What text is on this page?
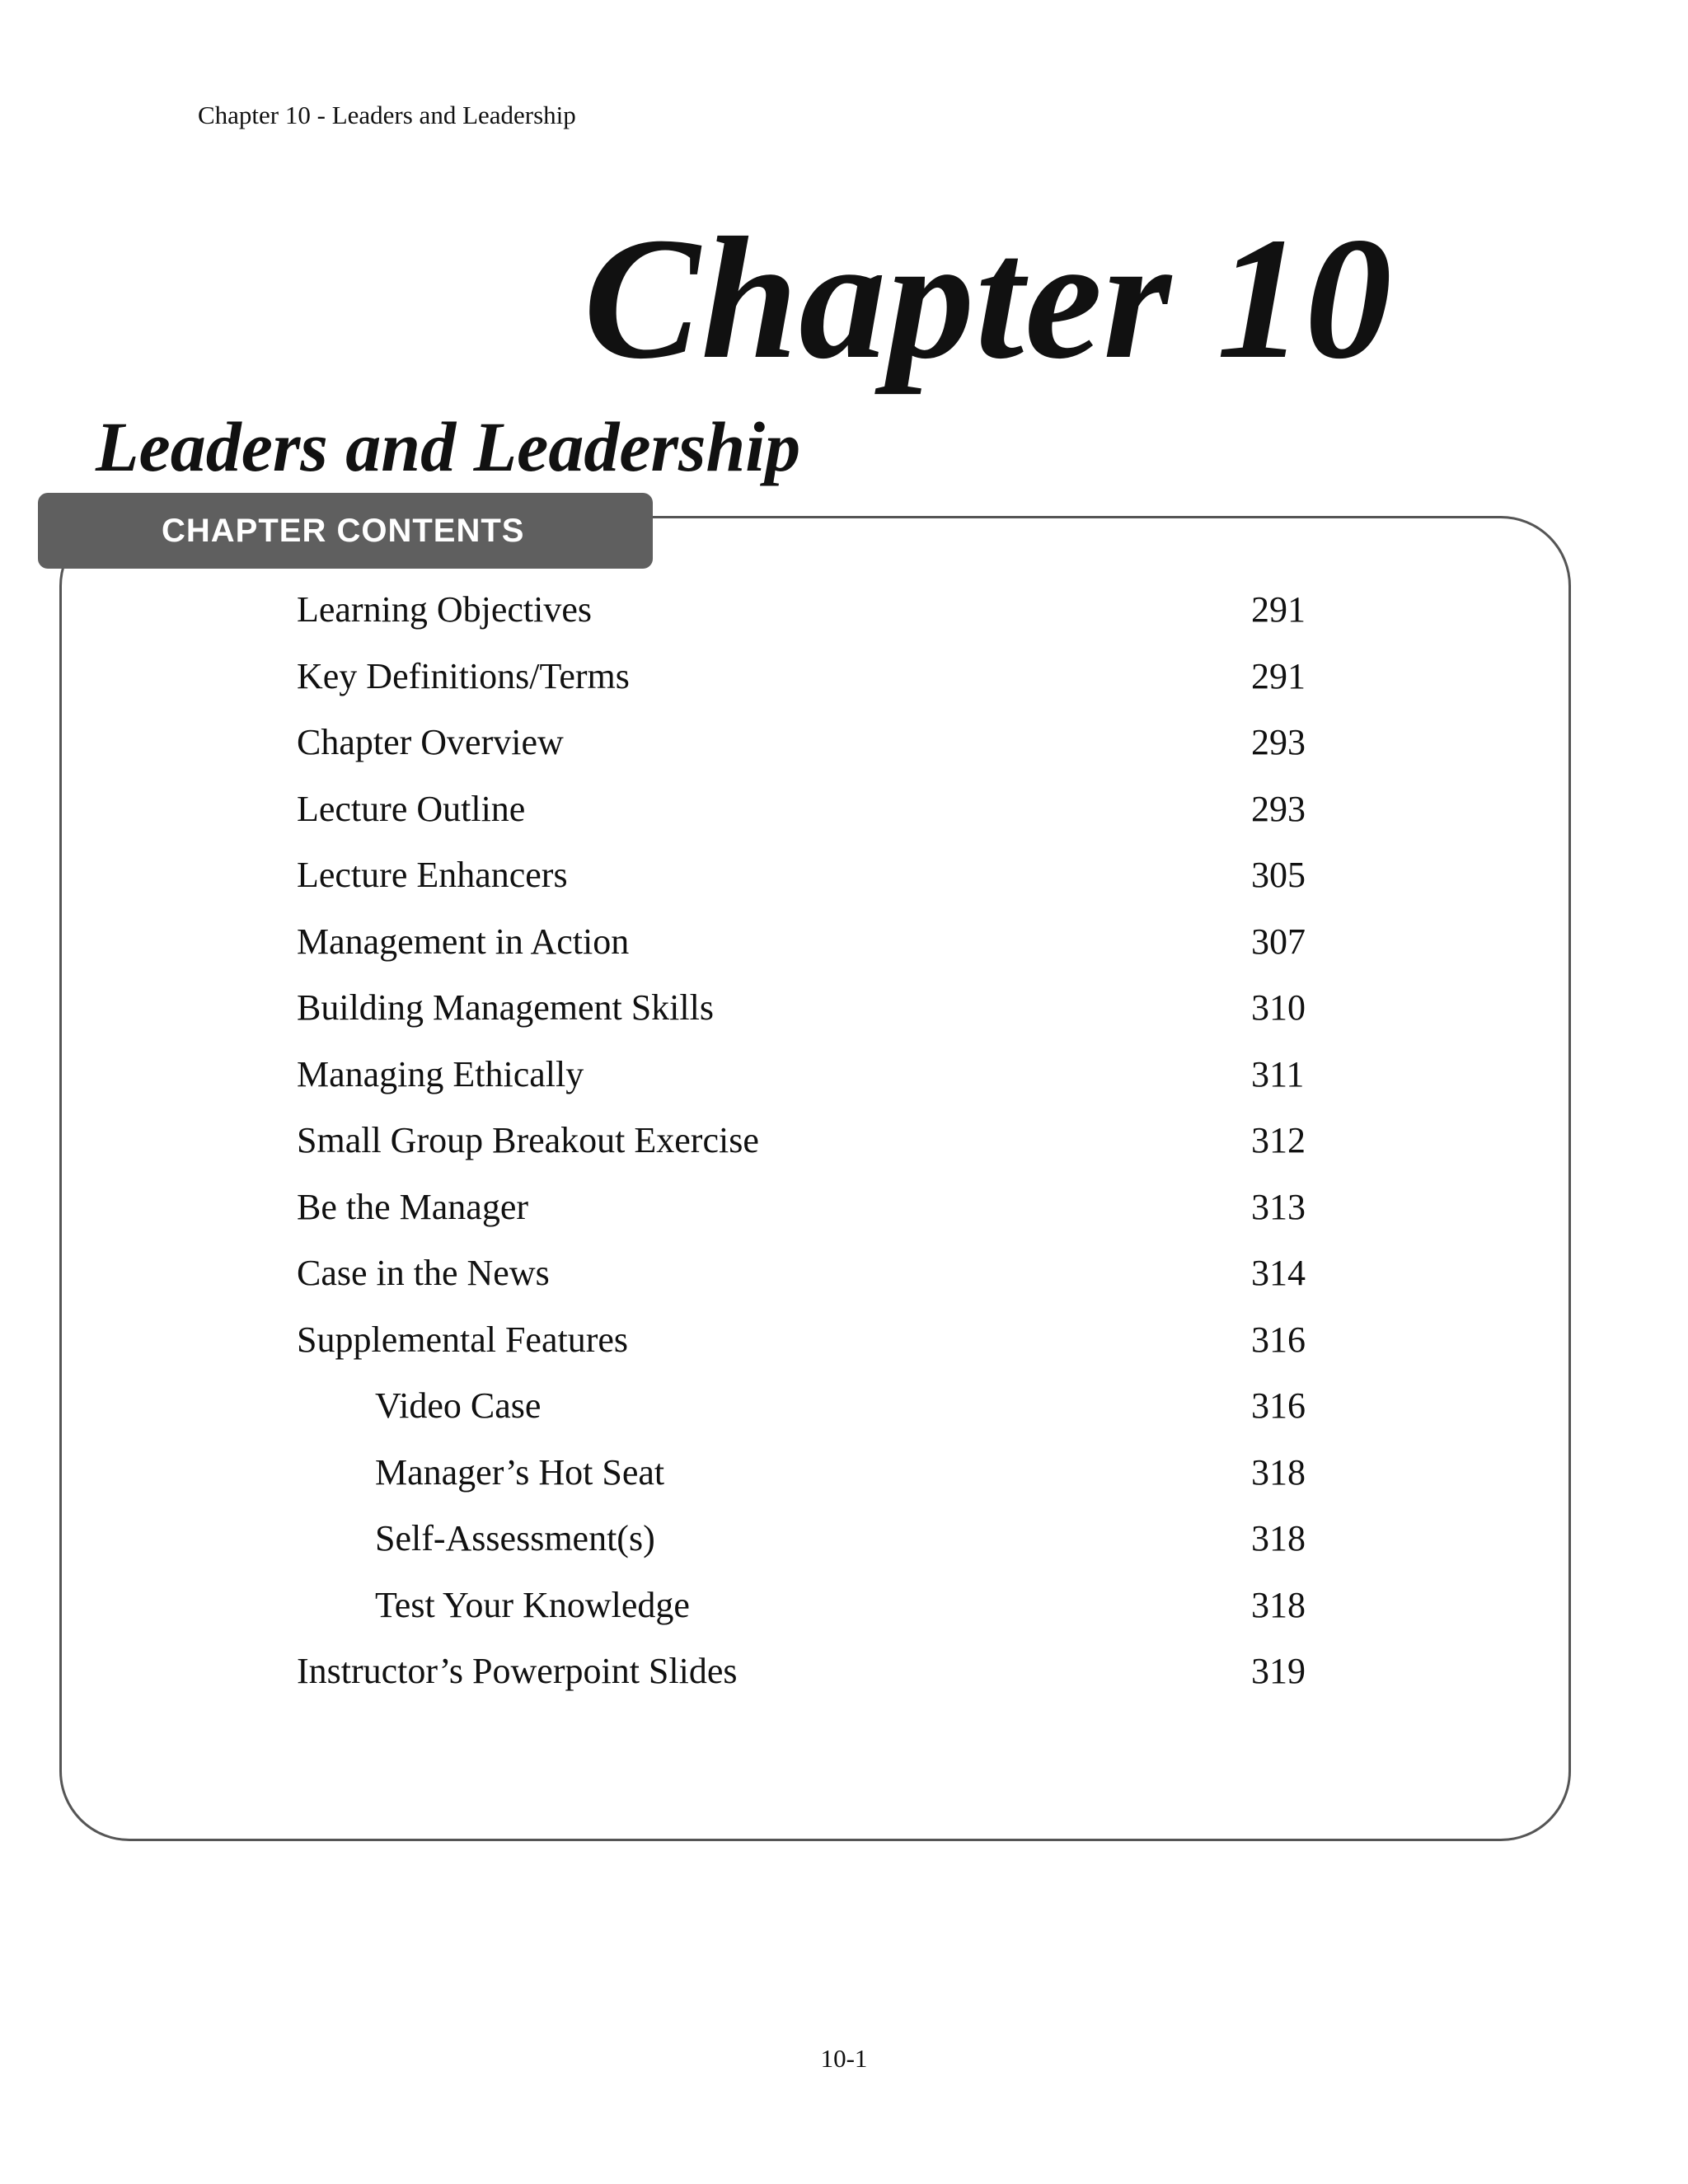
Chapter 10 - Leaders and Leadership
Chapter 10
Leaders and Leadership
CHAPTER CONTENTS
Learning Objectives	291
Key Definitions/Terms	291
Chapter Overview	293
Lecture Outline	293
Lecture Enhancers	305
Management in Action	307
Building Management Skills	310
Managing Ethically	311
Small Group Breakout Exercise	312
Be the Manager	313
Case in the News	314
Supplemental Features	316
Video Case	316
Manager’s Hot Seat	318
Self-Assessment(s)	318
Test Your Knowledge	318
Instructor’s Powerpoint Slides	319
10-1
